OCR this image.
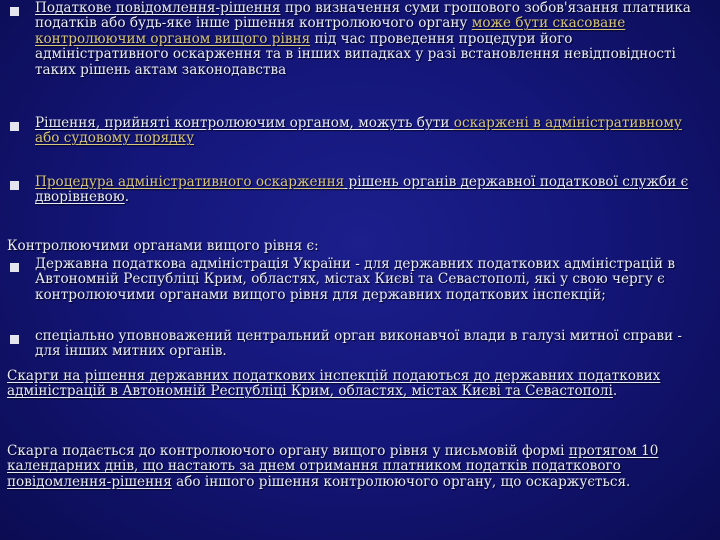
Податкове повідомлення-рішення про визначення суми грошового зобов'язання платника податків або будь-яке інше рішення контролюючого органу може бути скасоване контролюючим органом вищого рівня під час проведення процедури його адміністративного оскарження та в інших випадках у разі встановлення невідповідності таких рішень актам законодавства
Рішення, прийняті контролюючим органом, можуть бути оскаржені в адміністративному або судовому порядку
Процедура адміністративного оскарження рішень органів державної податкової служби є дворівневою.
Контролюючими органами вищого рівня є:
Державна податкова адміністрація України - для державних податкових адміністрацій в Автономній Республіці Крим, областях, містах Києві та Севастополі, які у свою чергу є контролюючими органами вищого рівня для державних податкових інспекцій;
спеціально уповноважений центральний орган виконавчої влади в галузі митної справи - для інших митних органів.
Скарги на рішення державних податкових інспекцій подаються до державних податкових адміністрацій в Автономній Республіці Крим, областях, містах Києві та Севастополі.
Скарга подається до контролюючого органу вищого рівня у письмовій формі протягом 10 календарних днів, що настають за днем отримання платником податків податкового повідомлення-рішення або іншого рішення контролюючого органу, що оскаржується.
